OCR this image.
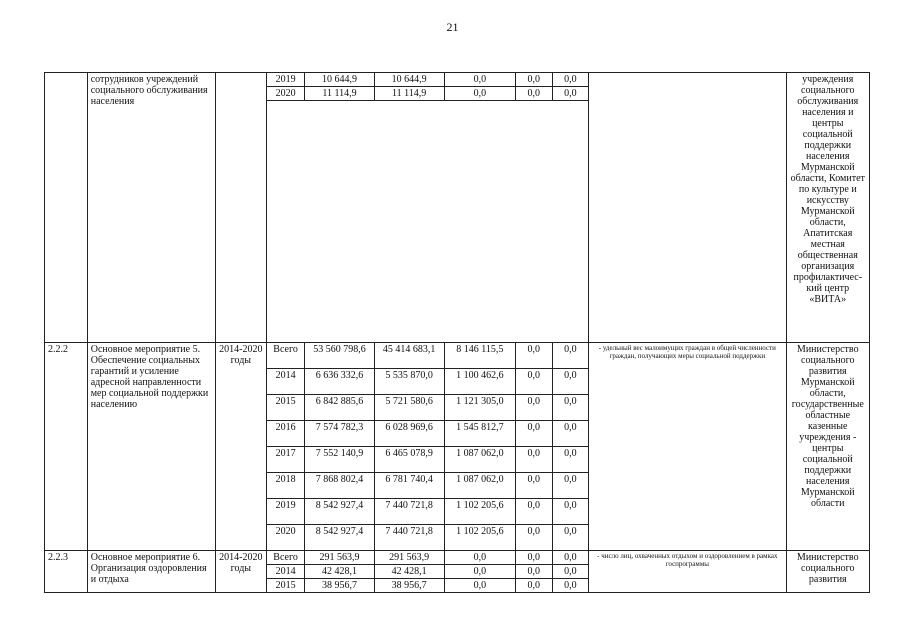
21
	сотрудников учреждений социального обслуживания населения		2019	10 644,9	10 644,9	0,0	0,0	0,0		учреждения социального обслуживания населения и центры социальной поддержки населения Мурманской области, Комитет по культуре и искусству Мурманской области, Апатитская местная общественная организация профилактичес-кий центр «ВИТА»
			2020	11 114,9	11 114,9	0,0	0,0	0,0		

2.2.2	Основное мероприятие 5. Обеспечение социальных гарантий и усиление адресной направленности мер социальной поддержки населению	2014-2020 годы	Всего	53 560 798,6	45 414 683,1	8 146 115,5	0,0	0,0	- удельный вес малоимущих граждан в общей численности граждан, получающих меры социальной поддержки	Министерство социального развития Мурманской области, государственные областные казенные учреждения - центры социальной поддержки населения Мурманской области
			2014	6 636 332,6	5 535 870,0	1 100 462,6	0,0	0,0		
			2015	6 842 885,6	5 721 580,6	1 121 305,0	0,0	0,0		
			2016	7 574 782,3	6 028 969,6	1 545 812,7	0,0	0,0		
			2017	7 552 140,9	6 465 078,9	1 087 062,0	0,0	0,0		
			2018	7 868 802,4	6 781 740,4	1 087 062,0	0,0	0,0		
			2019	8 542 927,4	7 440 721,8	1 102 205,6	0,0	0,0		
			2020	8 542 927,4	7 440 721,8	1 102 205,6	0,0	0,0		
2.2.3	Основное мероприятие 6. Организация оздоровления и отдыха	2014-2020 годы	Всего	291 563,9	291 563,9	0,0	0,0	0,0	- число лиц, охваченных отдыхом и оздоровлением в рамках госпрограммы	Министерство социального развития
			2014	42 428,1	42 428,1	0,0	0,0	0,0		
			2015	38 956,7	38 956,7	0,0	0,0	0,0		
